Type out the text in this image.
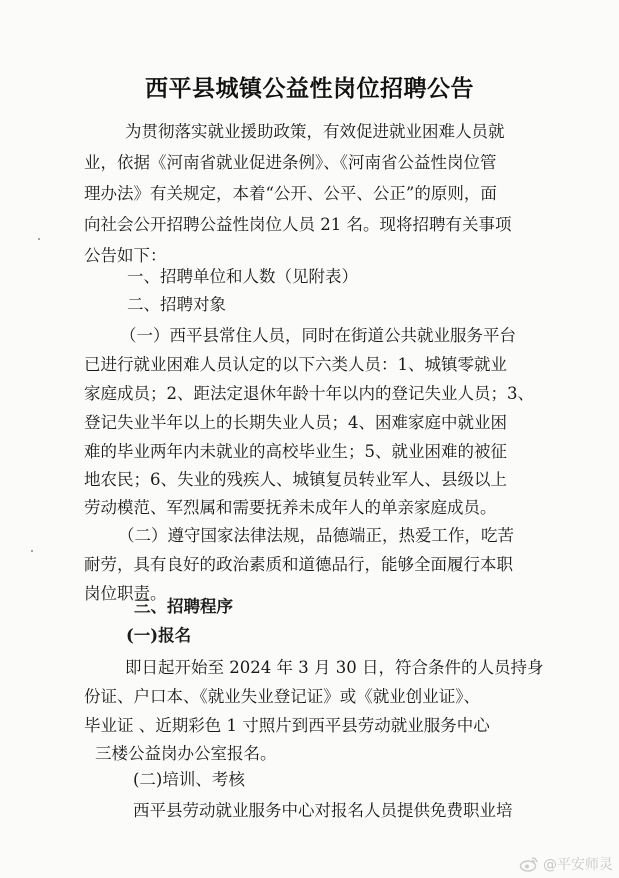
西平县城镇公益性岗位招聘公告
为贯彻落实就业援助政策，有效促进就业困难人员就
业，依据《河南省就业促进条例》、《河南省公益性岗位管
理办法》有关规定，本着“公开、公平、公正”的原则，面
向社会公开招聘公益性岗位人员 21 名。现将招聘有关事项
公告如下：
一、招聘单位和人数（见附表）
二、招聘对象
（一）西平县常住人员，同时在街道公共就业服务平台
已进行就业困难人员认定的以下六类人员：1、城镇零就业
家庭成员；2、距法定退休年龄十年以内的登记失业人员；3、
登记失业半年以上的长期失业人员；4、困难家庭中就业困
难的毕业两年内未就业的高校毕业生；5、就业困难的被征
地农民；6、失业的残疾人、城镇复员转业军人、县级以上
劳动模范、军烈属和需要抚养未成年人的单亲家庭成员。
（二）遵守国家法律法规，品德端正，热爱工作，吃苦
耐劳，具有良好的政治素质和道德品行，能够全面履行本职
岗位职责。
三、招聘程序
(一)报名
即日起开始至 2024 年 3 月 30 日，符合条件的人员持身
份证、户口本、《就业失业登记证》或《就业创业证》、
毕业证 、近期彩色 1 寸照片到西平县劳动就业服务中心
三楼公益岗办公室报名。
(二)培训、考核
西平县劳动就业服务中心对报名人员提供免费职业培
@平安师灵
